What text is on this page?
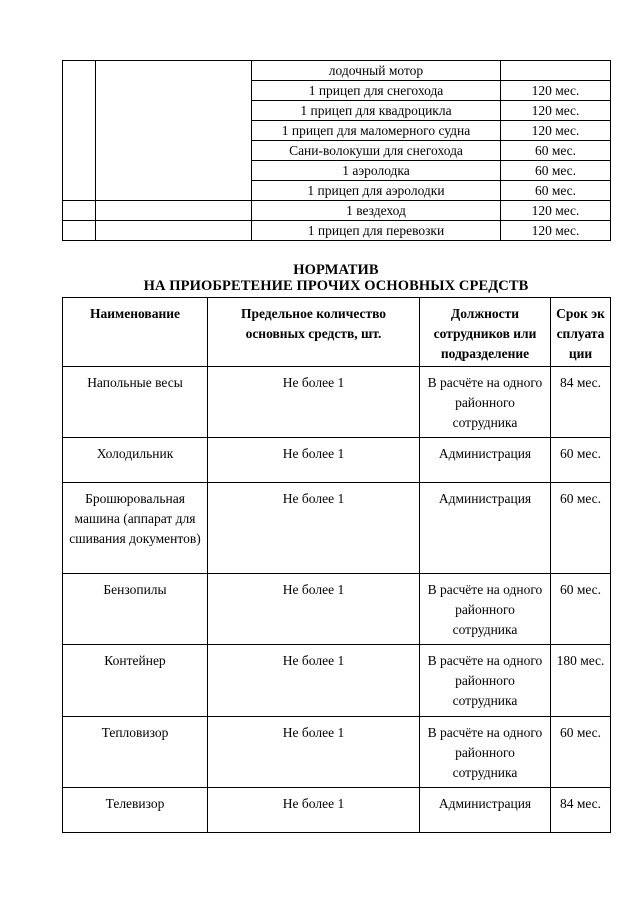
		лодочный мотор	
		1 прицеп для снегохода	120 мес.
		1 прицеп для квадроцикла	120 мес.
		1 прицеп для маломерного судна	120 мес.
		Сани-волокуши для снегохода	60 мес.
		1 аэролодка	60 мес.
		1 прицеп для аэролодки	60 мес.
		1 вездеход	120 мес.
		1 прицеп для перевозки	120 мес.
НОРМАТИВ
НА ПРИОБРЕТЕНИЕ ПРОЧИХ ОСНОВНЫХ СРЕДСТВ
Наименование	Предельное количество основных средств, шт.	Должности сотрудников или подразделение	Срок эксплуатации
Напольные весы	Не более 1	В расчёте на одного районного сотрудника	84 мес.
Холодильник	Не более 1	Администрация	60 мес.
Брошюровальная машина (аппарат для сшивания документов)	Не более 1	Администрация	60 мес.
Бензопилы	Не более 1	В расчёте на одного районного сотрудника	60 мес.
Контейнер	Не более 1	В расчёте на одного районного сотрудника	180 мес.
Тепловизор	Не более 1	В расчёте на одного районного сотрудника	60 мес.
Телевизор	Не более 1	Администрация	84 мес.
